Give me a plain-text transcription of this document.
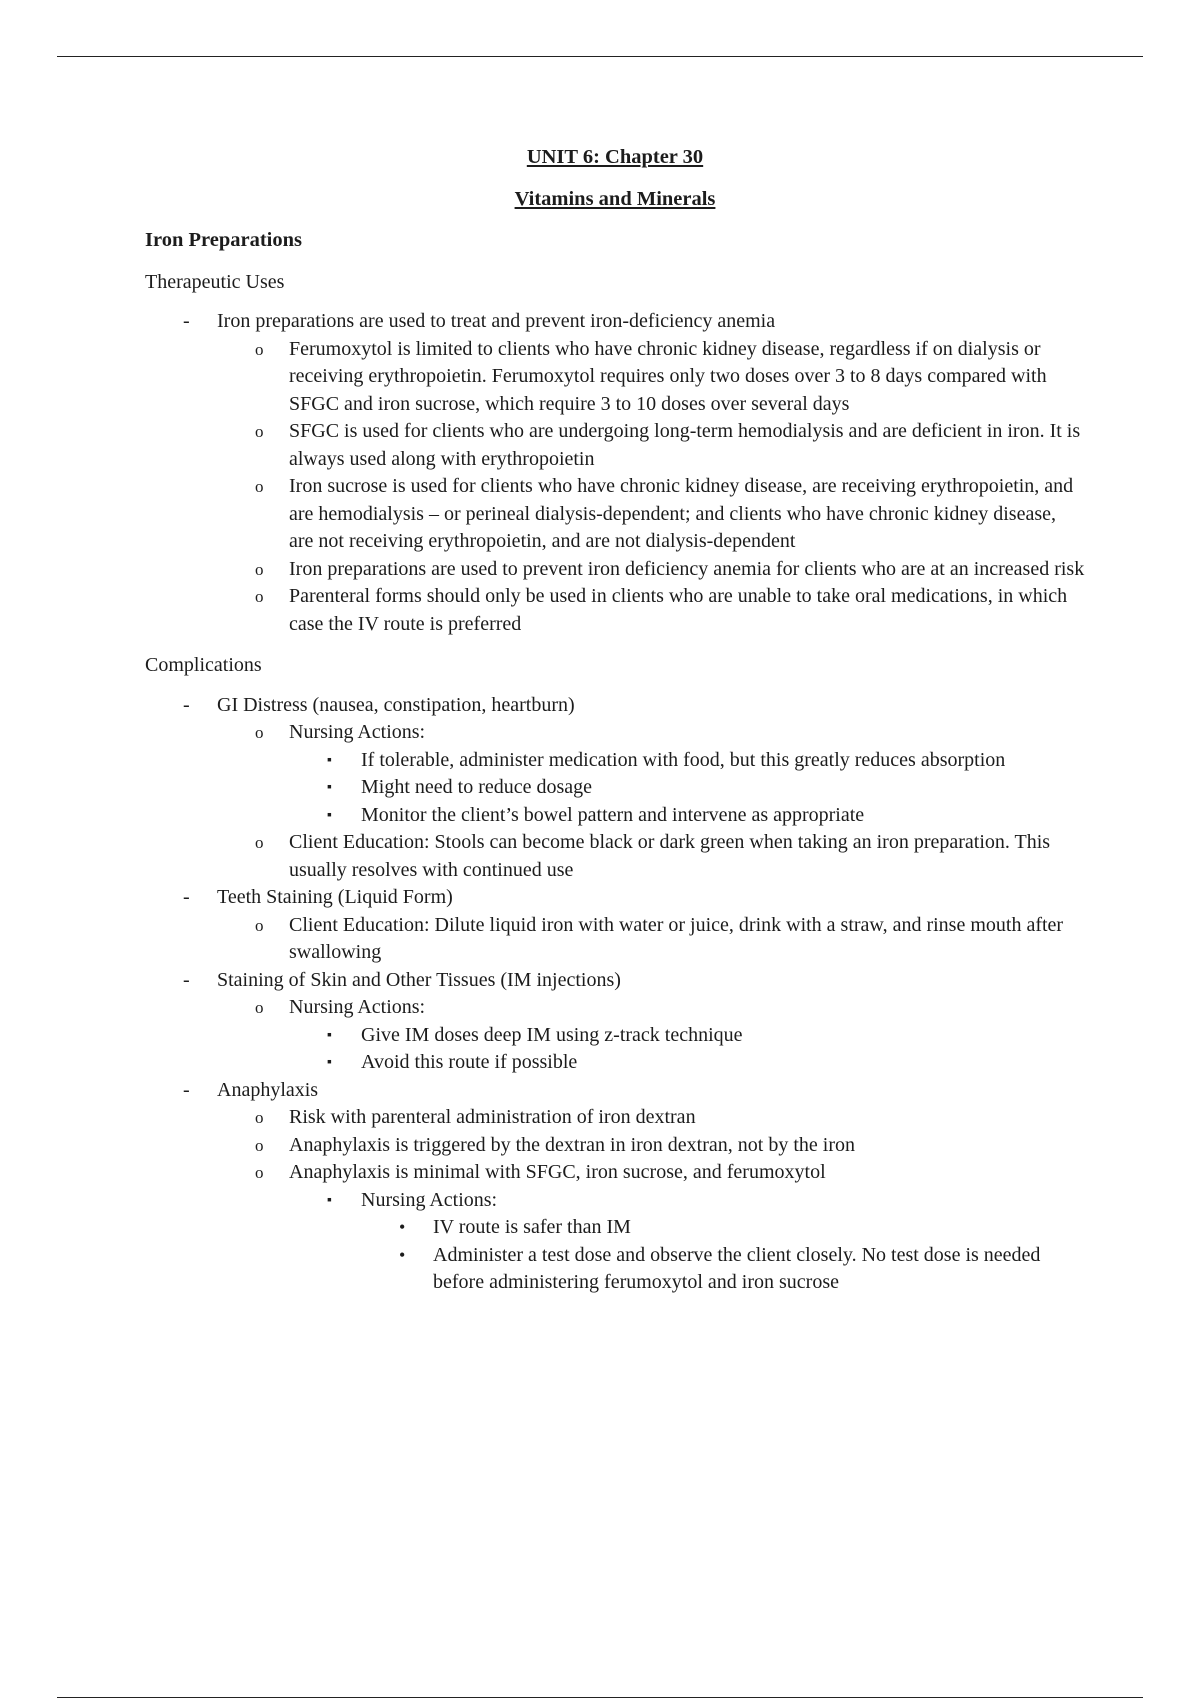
UNIT 6: Chapter 30

Vitamins and Minerals

Iron Preparations
Therapeutic Uses
- Iron preparations are used to treat and prevent iron-deficiency anemia
o Ferumoxytol is limited to clients who have chronic kidney disease, regardless if on dialysis or receiving erythropoietin. Ferumoxytol requires only two doses over 3 to 8 days compared with SFGC and iron sucrose, which require 3 to 10 doses over several days
o SFGC is used for clients who are undergoing long-term hemodialysis and are deficient in iron. It is always used along with erythropoietin
o Iron sucrose is used for clients who have chronic kidney disease, are receiving erythropoietin, and are hemodialysis – or perineal dialysis-dependent; and clients who have chronic kidney disease, are not receiving erythropoietin, and are not dialysis-dependent
o Iron preparations are used to prevent iron deficiency anemia for clients who are at an increased risk
o Parenteral forms should only be used in clients who are unable to take oral medications, in which case the IV route is preferred
Complications
- GI Distress (nausea, constipation, heartburn)
o Nursing Actions:
▪ If tolerable, administer medication with food, but this greatly reduces absorption
▪ Might need to reduce dosage
▪ Monitor the client’s bowel pattern and intervene as appropriate
o Client Education: Stools can become black or dark green when taking an iron preparation. This usually resolves with continued use
- Teeth Staining (Liquid Form)
o Client Education: Dilute liquid iron with water or juice, drink with a straw, and rinse mouth after swallowing
- Staining of Skin and Other Tissues (IM injections)
o Nursing Actions:
▪ Give IM doses deep IM using z-track technique
▪ Avoid this route if possible
- Anaphylaxis
o Risk with parenteral administration of iron dextran
o Anaphylaxis is triggered by the dextran in iron dextran, not by the iron
o Anaphylaxis is minimal with SFGC, iron sucrose, and ferumoxytol
▪ Nursing Actions:
• IV route is safer than IM
• Administer a test dose and observe the client closely. No test dose is needed before administering ferumoxytol and iron sucrose
